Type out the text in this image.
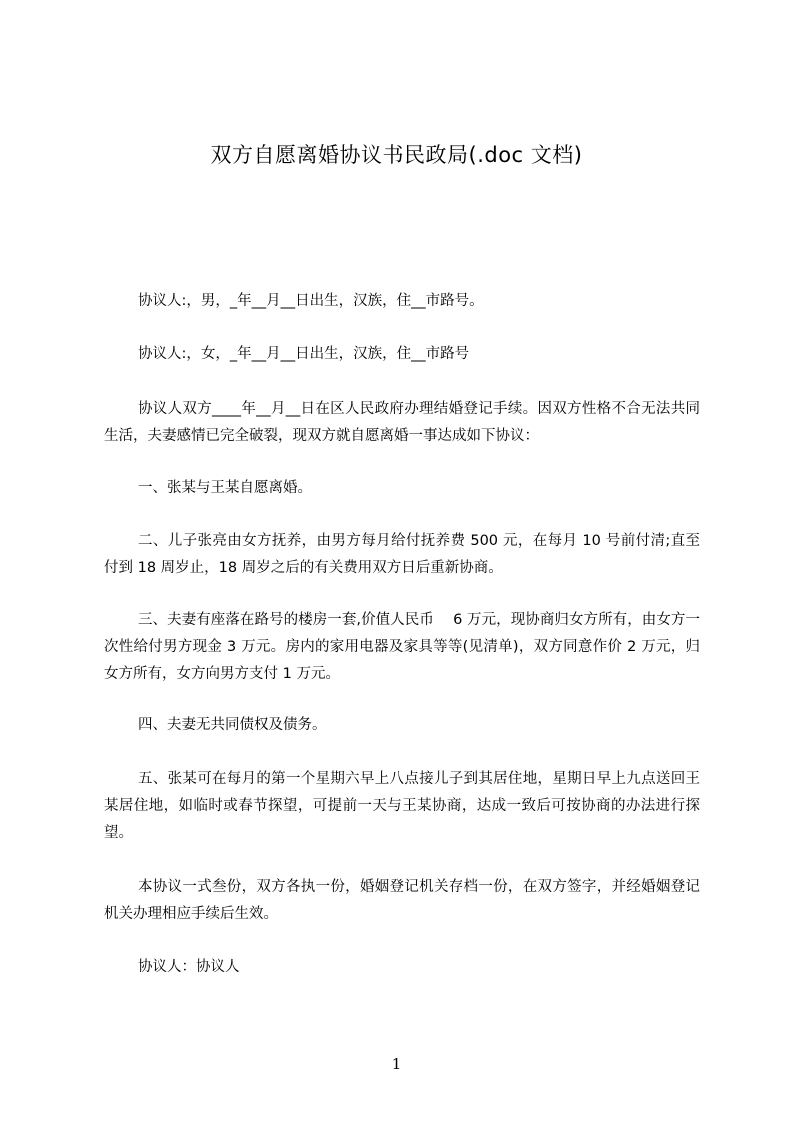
双方自愿离婚协议书民政局(.doc 文档)

协议人:，男，_年__月__日出生，汉族，住__市路号。

协议人:，女，_年__月__日出生，汉族，住__市路号

协议人双方____年__月__日在区人民政府办理结婚登记手续。因双方性格不合无法共同生活，夫妻感情已完全破裂，现双方就自愿离婚一事达成如下协议：

一、张某与王某自愿离婚。

二、儿子张亮由女方抚养，由男方每月给付抚养费 500 元，在每月 10 号前付清;直至付到 18 周岁止，18 周岁之后的有关费用双方日后重新协商。

三、夫妻有座落在路号的楼房一套,价值人民币　 6 万元，现协商归女方所有，由女方一次性给付男方现金 3 万元。房内的家用电器及家具等等(见清单)，双方同意作价 2 万元，归女方所有，女方向男方支付 1 万元。

四、夫妻无共同债权及债务。

五、张某可在每月的第一个星期六早上八点接儿子到其居住地，星期日早上九点送回王某居住地，如临时或春节探望，可提前一天与王某协商，达成一致后可按协商的办法进行探望。

本协议一式叁份，双方各执一份，婚姻登记机关存档一份，在双方签字，并经婚姻登记机关办理相应手续后生效。

协议人：协议人

1
